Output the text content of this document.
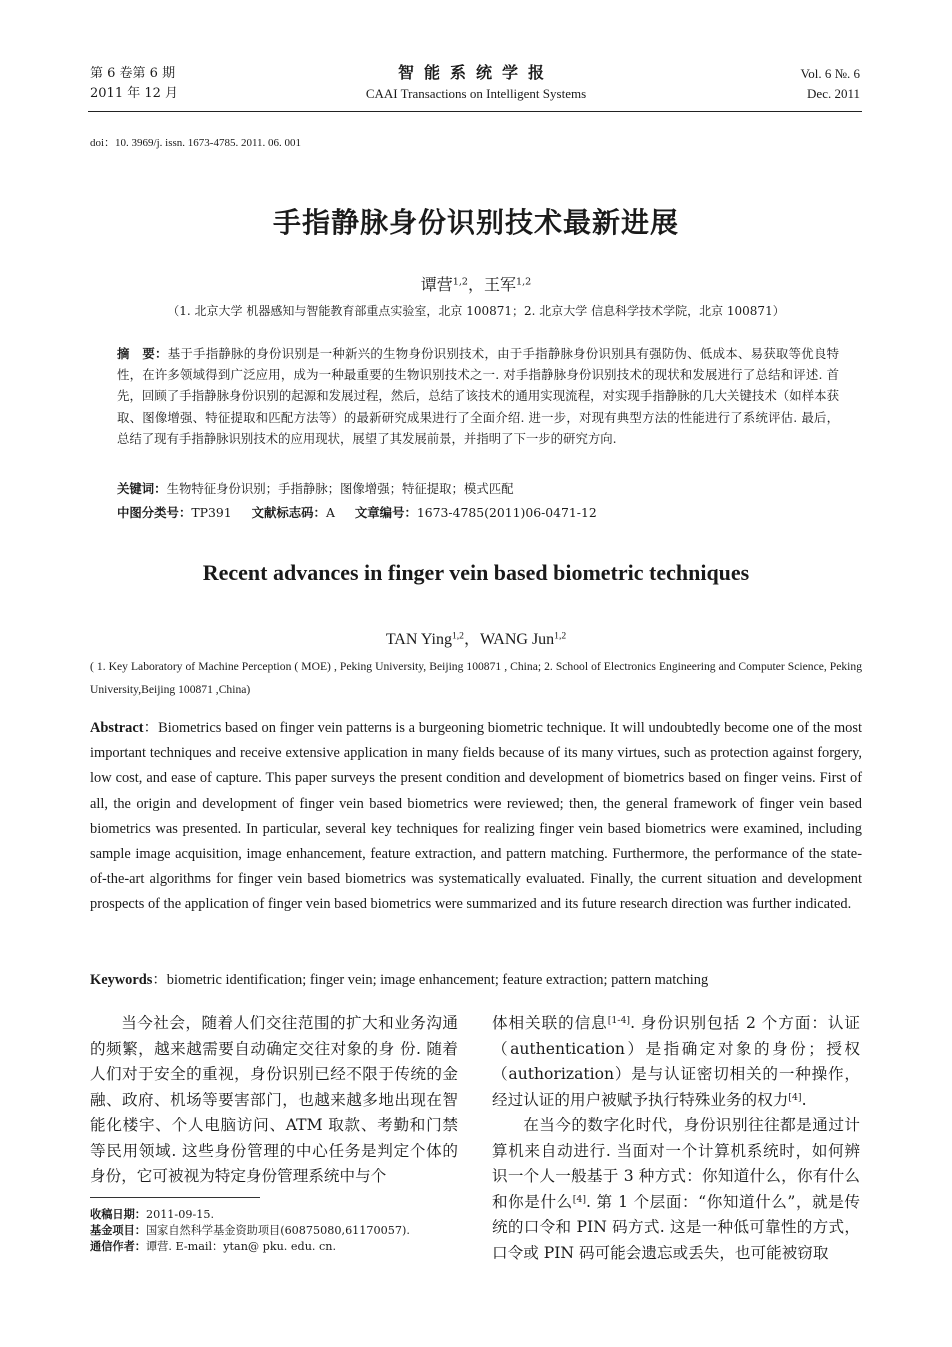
第 6 卷第 6 期
2011 年 12 月
智能系统学报
CAAI Transactions on Intelligent Systems
Vol. 6 №. 6
Dec. 2011
doi：10. 3969/j. issn. 1673-4785. 2011. 06. 001
手指静脉身份识别技术最新进展
谭营$^{1,2}$，王军$^{1,2}$
（1. 北京大学 机器感知与智能教育部重点实验室，北京 100871；2. 北京大学 信息科学技术学院，北京 100871）
摘　要：基于手指静脉的身份识别是一种新兴的生物身份识别技术，由于手指静脉身份识别具有强防伪、低成本、易获取等优良特性，在许多领域得到广泛应用，成为一种最重要的生物识别技术之一. 对手指静脉身份识别技术的现状和发展进行了总结和评述. 首先，回顾了手指静脉身份识别的起源和发展过程，然后，总结了该技术的通用实现流程，对实现手指静脉的几大关键技术（如样本获取、图像增强、特征提取和匹配方法等）的最新研究成果进行了全面介绍. 进一步，对现有典型方法的性能进行了系统评估. 最后，总结了现有手指静脉识别技术的应用现状，展望了其发展前景，并指明了下一步的研究方向.
关键词：生物特征身份识别；手指静脉；图像增强；特征提取；模式匹配
中图分类号：TP391 文献标志码：A 文章编号：1673-4785(2011)06-0471-12
Recent advances in finger vein based biometric techniques
TAN Ying$^{1,2}$，WANG Jun$^{1,2}$
( 1. Key Laboratory of Machine Perception ( MOE) , Peking University, Beijing 100871 , China; 2. School of Electronics Engineering and Computer Science, Peking University,Beijing 100871 ,China)
Abstract：Biometrics based on finger vein patterns is a burgeoning biometric technique. It will undoubtedly become one of the most important techniques and receive extensive application in many fields because of its many virtues, such as protection against forgery, low cost, and ease of capture. This paper surveys the present condition and development of biometrics based on finger veins. First of all, the origin and development of finger vein based biometrics were reviewed; then, the general framework of finger vein based biometrics was presented. In particular, several key techniques for realizing finger vein based biometrics were examined, including sample image acquisition, image enhancement, feature extraction, and pattern matching. Furthermore, the performance of the state-of-the-art algorithms for finger vein based biometrics was systematically evaluated. Finally, the current situation and development prospects of the application of finger vein based biometrics were summarized and its future research direction was further indicated.
Keywords：biometric identification; finger vein; image enhancement; feature extraction; pattern matching
当今社会，随着人们交往范围的扩大和业务沟通的频繁，越来越需要自动确定交往对象的身 份. 随着人们对于安全的重视，身份识别已经不限于传统的金融、政府、机场等要害部门，也越来越多地出现在智能化楼宇、个人电脑访问、ATM 取款、考勤和门禁等民用领域. 这些身份管理的中心任务是判定个体的身份，它可被视为特定身份管理系统中与个

体相关联的信息[1-4]. 身份识别包括 2 个方面：认证（authentication）是指确定对象的身份；授权（authorization）是与认证密切相关的一种操作，经过认证的用户被赋予执行特殊业务的权力[4].

在当今的数字化时代，身份识别往往都是通过计算机来自动进行. 当面对一个计算机系统时，如何辨识一个人一般基于 3 种方式：你知道什么，你有什么和你是什么[4]. 第 1 个层面：“你知道什么”，就是传统的口令和 PIN 码方式. 这是一种低可靠性的方式，口令或 PIN 码可能会遗忘或丢失，也可能被窃取

收稿日期：2011-09-15.
基金项目：国家自然科学基金资助项目(60875080,61170057).
通信作者：谭营. E-mail：ytan@ pku. edu. cn.
